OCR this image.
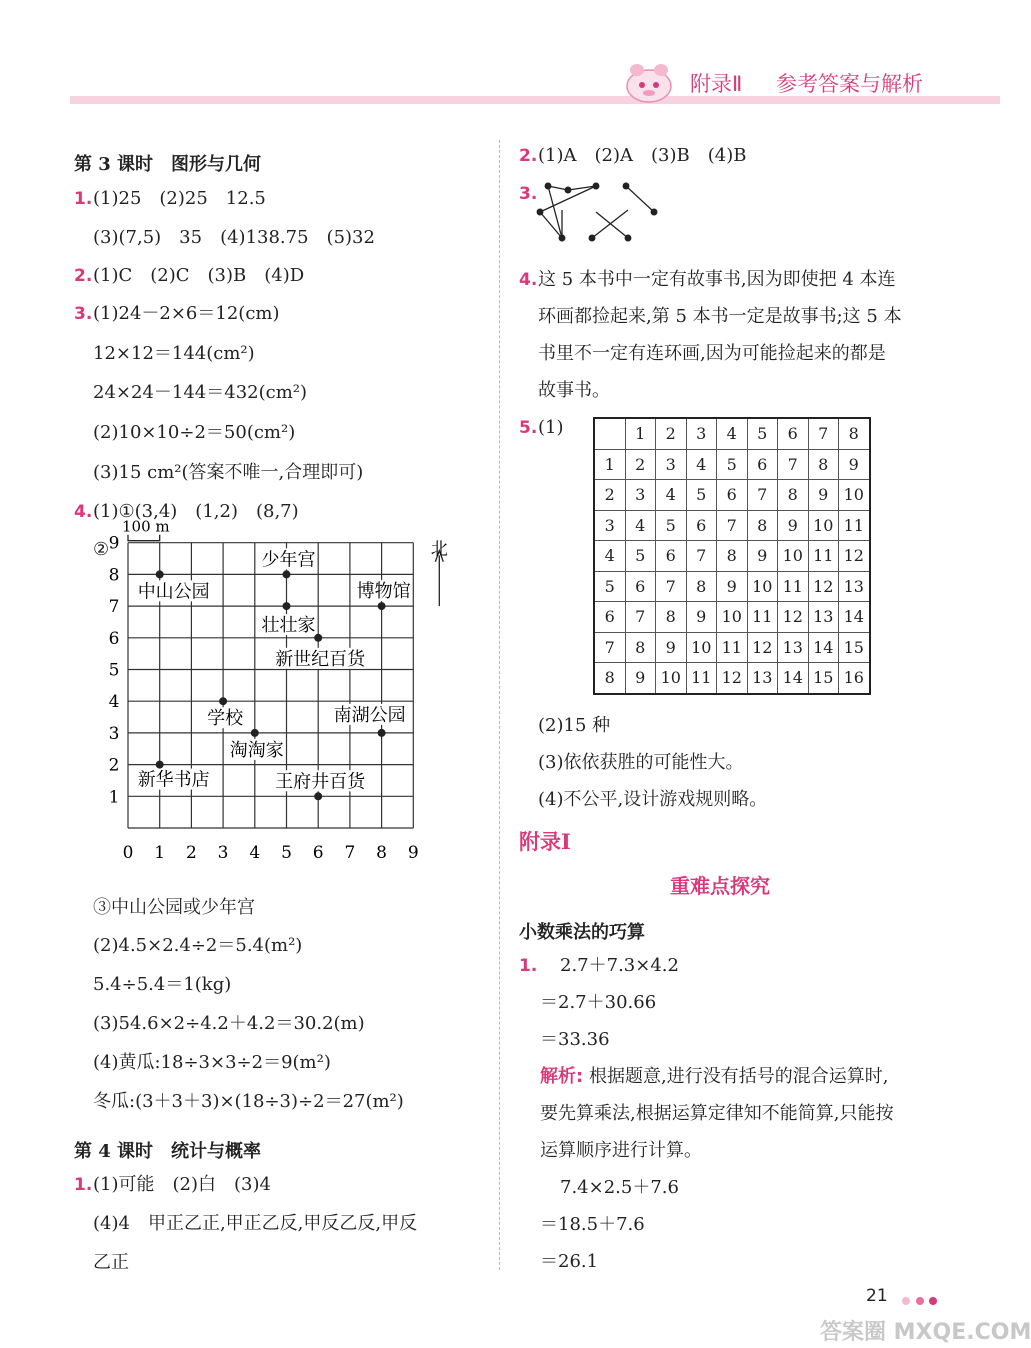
附录Ⅱ 参考答案与解析
第 3 课时　图形与几何
1. (1)25　(2)25　12.5
(3)(7,5)　35　(4)138.75　(5)32
2. (1)C　(2)C　(3)B　(4)D
3. (1)24－2×6＝12(cm)
12×12＝144(cm²)
24×24－144＝432(cm²)
(2)10×10÷2＝50(cm²)
(3)15 cm²(答案不唯一,合理即可)
4. (1)①(3,4)　(1,2)　(8,7)
②
0 1 2 3 4 5 6 7 8 9
1
2
3
4
5
6
7
8
9
100 m
北
少年宫
中山公园	博物馆
壮壮家
新世纪百货
学校	南湖公园
淘淘家
新华书店	王府井百货
③中山公园或少年宫
(2)4.5×2.4÷2＝5.4(m²)
5.4÷5.4＝1(kg)
(3)54.6×2÷4.2＋4.2＝30.2(m)
(4)黄瓜:18÷3×3÷2＝9(m²)
冬瓜:(3＋3＋3)×(18÷3)÷2＝27(m²)
第 4 课时　统计与概率
1. (1)可能　(2)白　(3)4
(4)4　甲正乙正,甲正乙反,甲反乙反,甲反
乙正
2. (1)A　(2)A　(3)B　(4)B
3.
4. 这 5 本书中一定有故事书,因为即使把 4 本连
环画都捡起来,第 5 本书一定是故事书;这 5 本
书里不一定有连环画,因为可能捡起来的都是
故事书。
5. (1)
		1	2	3	4	5	6	7	8
1	2	3	4	5	6	7	8	9
2	3	4	5	6	7	8	9	10
3	4	5	6	7	8	9	10	11
4	5	6	7	8	9	10	11	12
5	6	7	8	9	10	11	12	13
6	7	8	9	10	11	12	13	14
7	8	9	10	11	12	13	14	15
8	9	10	11	12	13	14	15	16
(2)15 种
(3)依依获胜的可能性大。
(4)不公平,设计游戏规则略。
附录Ⅰ
重难点探究
小数乘法的巧算
1. 2.7＋7.3×4.2
＝2.7＋30.66
＝33.36
解析: 根据题意,进行没有括号的混合运算时,
要先算乘法,根据运算定律知不能简算,只能按
运算顺序进行计算。
7.4×2.5＋7.6
＝18.5＋7.6
＝26.1
21
答案圈 MXQE.COM
